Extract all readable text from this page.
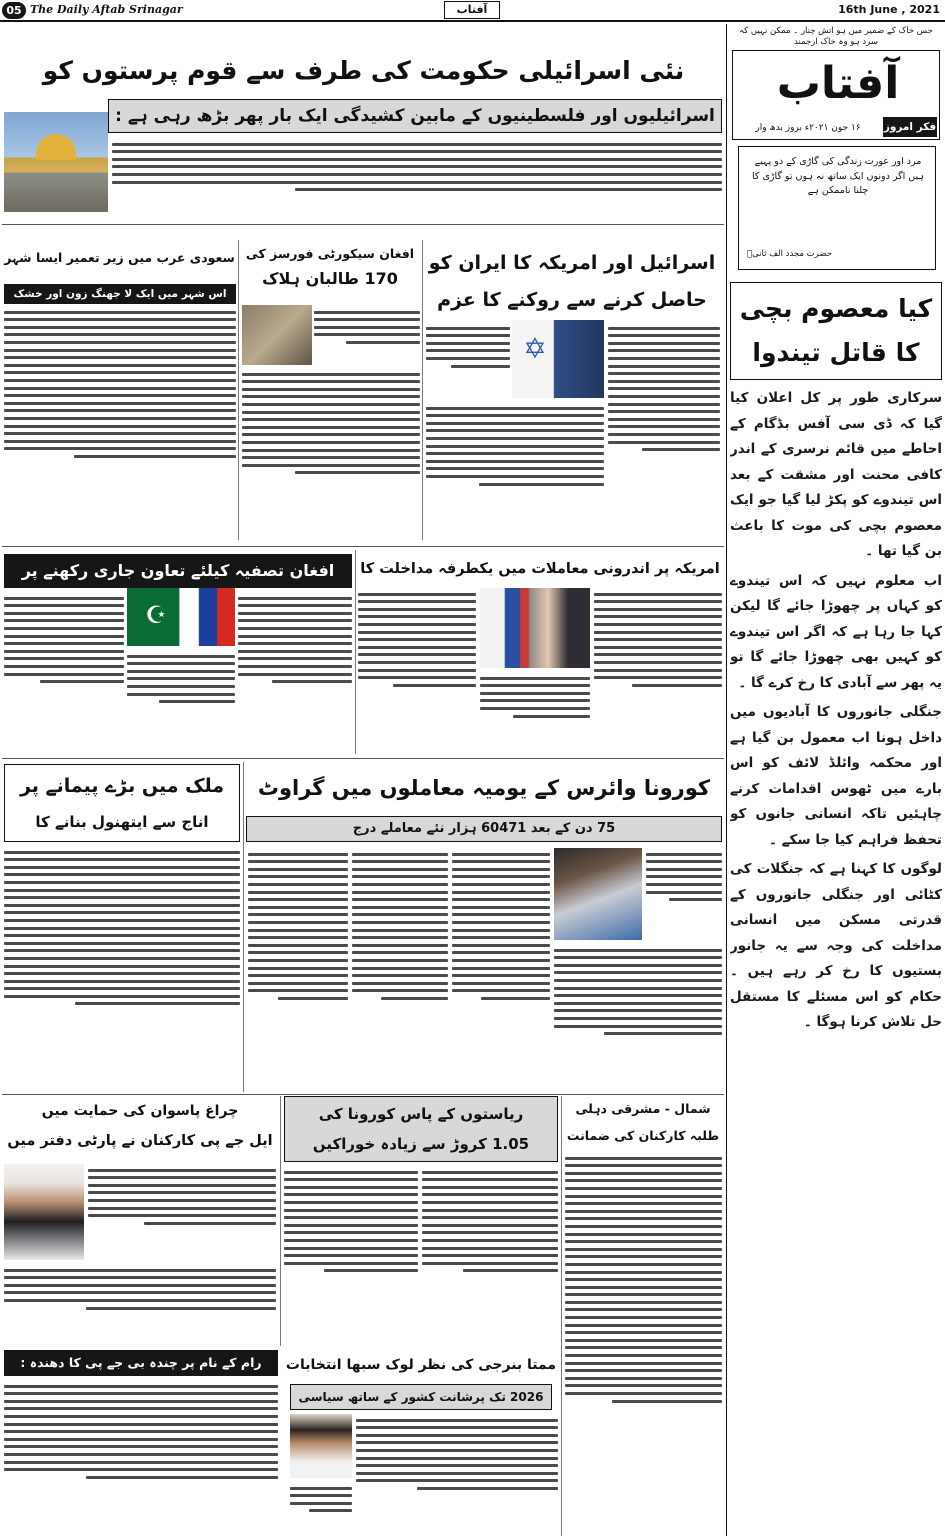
05 The Daily Aftab Srinagar	آفتاب	16th June , 2021
نئی اسرائیلی حکومت کی طرف سے قوم پرستوں کو
اسرائیلیوں اور فلسطینیوں کے مابین کشیدگی ایک بار پھر بڑھ رہی ہے :
سعودی عرب میں زیر تعمیر ایسا شہر
اس شہر میں ایک لا جھنگ زون اور خشک
افغان سیکورٹی فورسز کی
170 طالبان ہلاک
اسرائیل اور امریکہ کا ایران کو
حاصل کرنے سے روکنے کا عزم
✡
افغان تصفیہ کیلئے تعاون جاری رکھنے پر
☪
امریکہ پر اندرونی معاملات میں یکطرفہ مداخلت کا
ملک میں بڑے پیمانے پر
اناج سے ایتھنول بنانے کا
کورونا وائرس کے یومیہ معاملوں میں گراوٹ
75 دن کے بعد 60471 ہزار نئے معاملے درج
چراغ پاسوان کی حمایت میں
ایل جے پی کارکنان نے پارٹی دفتر میں
ریاستوں کے پاس کورونا کی
1.05 کروڑ سے زیادہ خوراکیں
شمال - مشرقی دہلی
طلبہ کارکنان کی ضمانت
رام کے نام پر چندہ بی جے پی کا دھندہ :	ممتا بنرجی کی نظر لوک سبھا انتخابات
2026 تک پرشانت کشور کے ساتھ سیاسی
جس خاک کے ضمیر میں ہو آتش چنار ۔ ممکن نہیں کہ سرد ہو وہ خاک ارجمند
آفتاب
فکر امروز
۱۶ جون ۲۰۲۱ء بروز بدھ وار
مرد اور عورت زندگی کی گاڑی کے دو پہیے ہیں اگر دونوں ایک ساتھ نہ ہوں تو گاڑی کا چلنا ناممکن ہے
حضرت مجدد الف ثانیؒ
کیا معصوم بچی کا قاتل تیندوا

سرکاری طور پر کل اعلان کیا گیا کہ ڈی سی آفس بڈگام کے احاطے میں قائم نرسری کے اندر کافی محنت اور مشقت کے بعد اس تیندوے کو پکڑ لیا گیا جو ایک معصوم بچی کی موت کا باعث بن گیا تھا ۔

اب معلوم نہیں کہ اس تیندوے کو کہاں پر چھوڑا جائے گا لیکن کہا جا رہا ہے کہ اگر اس تیندوے کو کہیں بھی چھوڑا جائے گا تو یہ پھر سے آبادی کا رخ کرے گا ۔

جنگلی جانوروں کا آبادیوں میں داخل ہونا اب معمول بن گیا ہے اور محکمہ وائلڈ لائف کو اس بارے میں ٹھوس اقدامات کرنے چاہئیں تاکہ انسانی جانوں کو تحفظ فراہم کیا جا سکے ۔

لوگوں کا کہنا ہے کہ جنگلات کی کٹائی اور جنگلی جانوروں کے قدرتی مسکن میں انسانی مداخلت کی وجہ سے یہ جانور بستیوں کا رخ کر رہے ہیں ۔ حکام کو اس مسئلے کا مستقل حل تلاش کرنا ہوگا ۔
